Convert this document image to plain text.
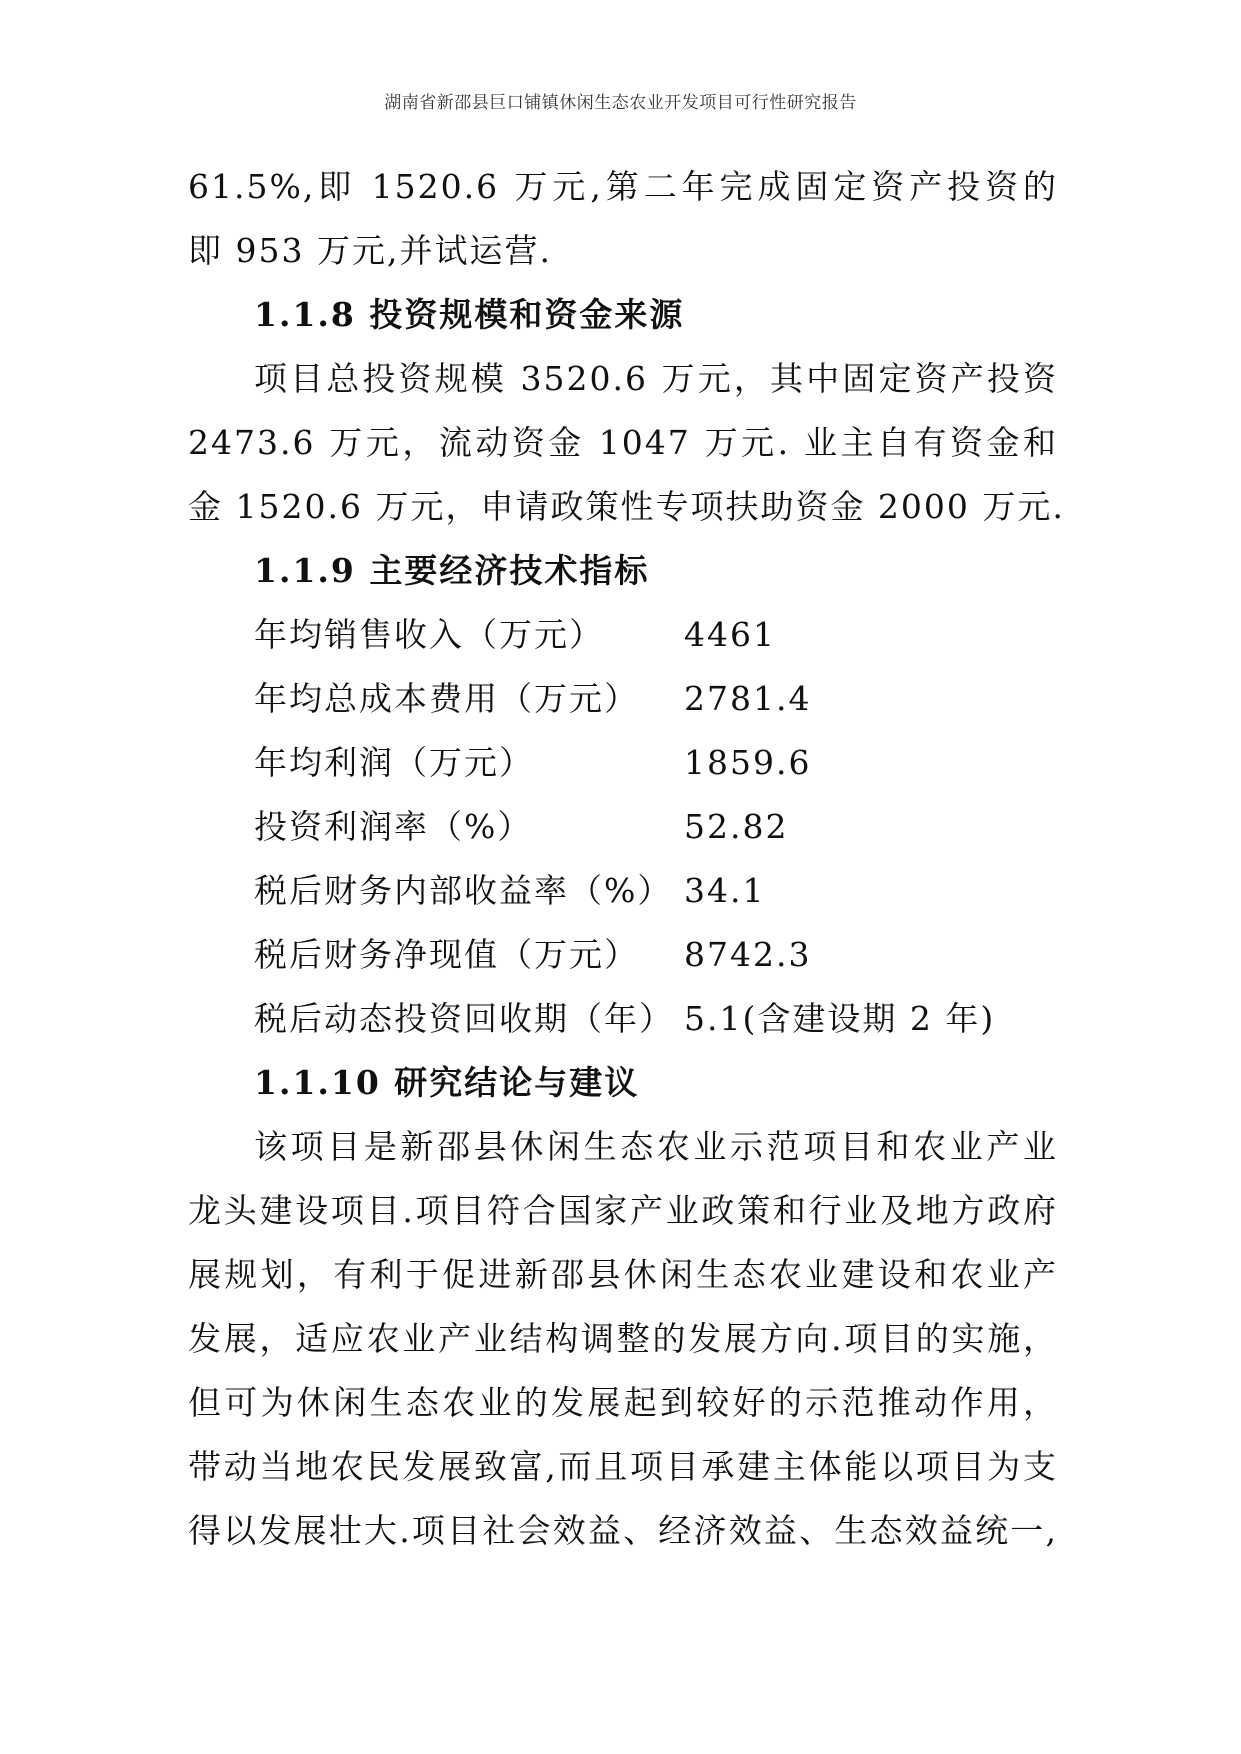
湖南省新邵县巨口铺镇休闲生态农业开发项目可行性研究报告
61.5%,即 1520.6 万元,第二年完成固定资产投资的
即 953 万元,并试运营.
1.1.8 投资规模和资金来源
项目总投资规模 3520.6 万元，其中固定资产投资
2473.6 万元，流动资金 1047 万元. 业主自有资金和
金 1520.6 万元，申请政策性专项扶助资金 2000 万元.
1.1.9 主要经济技术指标
年均销售收入（万元）	4461
年均总成本费用（万元）	2781.4
年均利润（万元）	1859.6
投资利润率（%）	52.82
税后财务内部收益率（%） 34.1
税后财务净现值（万元）	8742.3
税后动态投资回收期（年） 5.1(含建设期 2 年)
1.1.10 研究结论与建议
该项目是新邵县休闲生态农业示范项目和农业产业
龙头建设项目.项目符合国家产业政策和行业及地方政府
展规划，有利于促进新邵县休闲生态农业建设和农业产
发展，适应农业产业结构调整的发展方向.项目的实施，
但可为休闲生态农业的发展起到较好的示范推动作用，
带动当地农民发展致富,而且项目承建主体能以项目为支
得以发展壮大.项目社会效益、经济效益、生态效益统一,
